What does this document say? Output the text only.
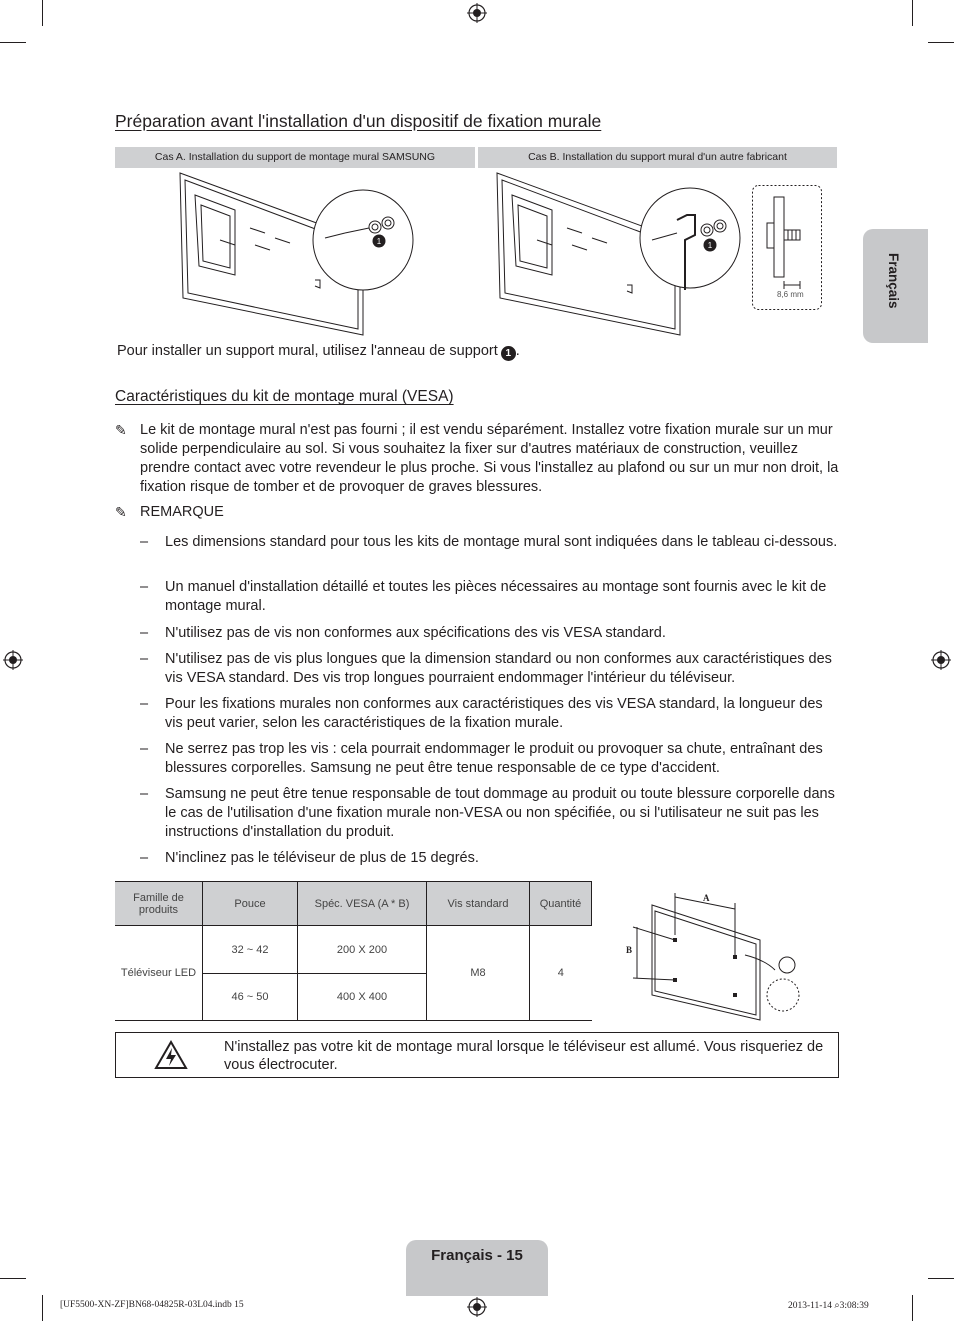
Français
Préparation avant l'installation d'un dispositif de fixation murale
Cas A. Installation du support de montage mural SAMSUNG	Cas B. Installation du support mural d'un autre fabricant
1	1
8,6 mm
Pour installer un support mural, utilisez l'anneau de support 1 .
Caractéristiques du kit de montage mural (VESA)
✎ Le kit de montage mural n'est pas fourni ; il est vendu séparément. Installez votre fixation murale sur un mur solide perpendiculaire au sol. Si vous souhaitez la fixer sur d'autres matériaux de construction, veuillez prendre contact avec votre revendeur le plus proche. Si vous l'installez au plafond ou sur un mur non droit, la fixation risque de tomber et de provoquer de graves blessures.

✎ REMARQUE
– Les dimensions standard pour tous les kits de montage mural sont indiquées dans le tableau ci-dessous.
– Un manuel d'installation détaillé et toutes les pièces nécessaires au montage sont fournis avec le kit de montage mural.
– N'utilisez pas de vis non conformes aux spécifications des vis VESA standard.
– N'utilisez pas de vis plus longues que la dimension standard ou non conformes aux caractéristiques des vis VESA standard. Des vis trop longues pourraient endommager l'intérieur du téléviseur.
– Pour les fixations murales non conformes aux caractéristiques des vis VESA standard, la longueur des vis peut varier, selon les caractéristiques de la fixation murale.
– Ne serrez pas trop les vis : cela pourrait endommager le produit ou provoquer sa chute, entraînant des blessures corporelles. Samsung ne peut être tenue responsable de ce type d'accident.
– Samsung ne peut être tenue responsable de tout dommage au produit ou toute blessure corporelle dans le cas de l'utilisation d'une fixation murale non-VESA ou non spécifiée, ou si l'utilisateur ne suit pas les instructions d'installation du produit.
– N'inclinez pas le téléviseur de plus de 15 degrés.
Famille de produits	Pouce	Spéc. VESA (A * B)	Vis standard	Quantité
Téléviseur LED	32 ~ 42	200 X 200	M8	4
	46 ~ 50	400 X 400		
A
B
N'installez pas votre kit de montage mural lorsque le téléviseur est allumé. Vous risqueriez de vous électrocuter.
Français - 15
[UF5500-XN-ZF]BN68-04825R-03L04.indb 15	2013-11-14 ⌕3:08:39
